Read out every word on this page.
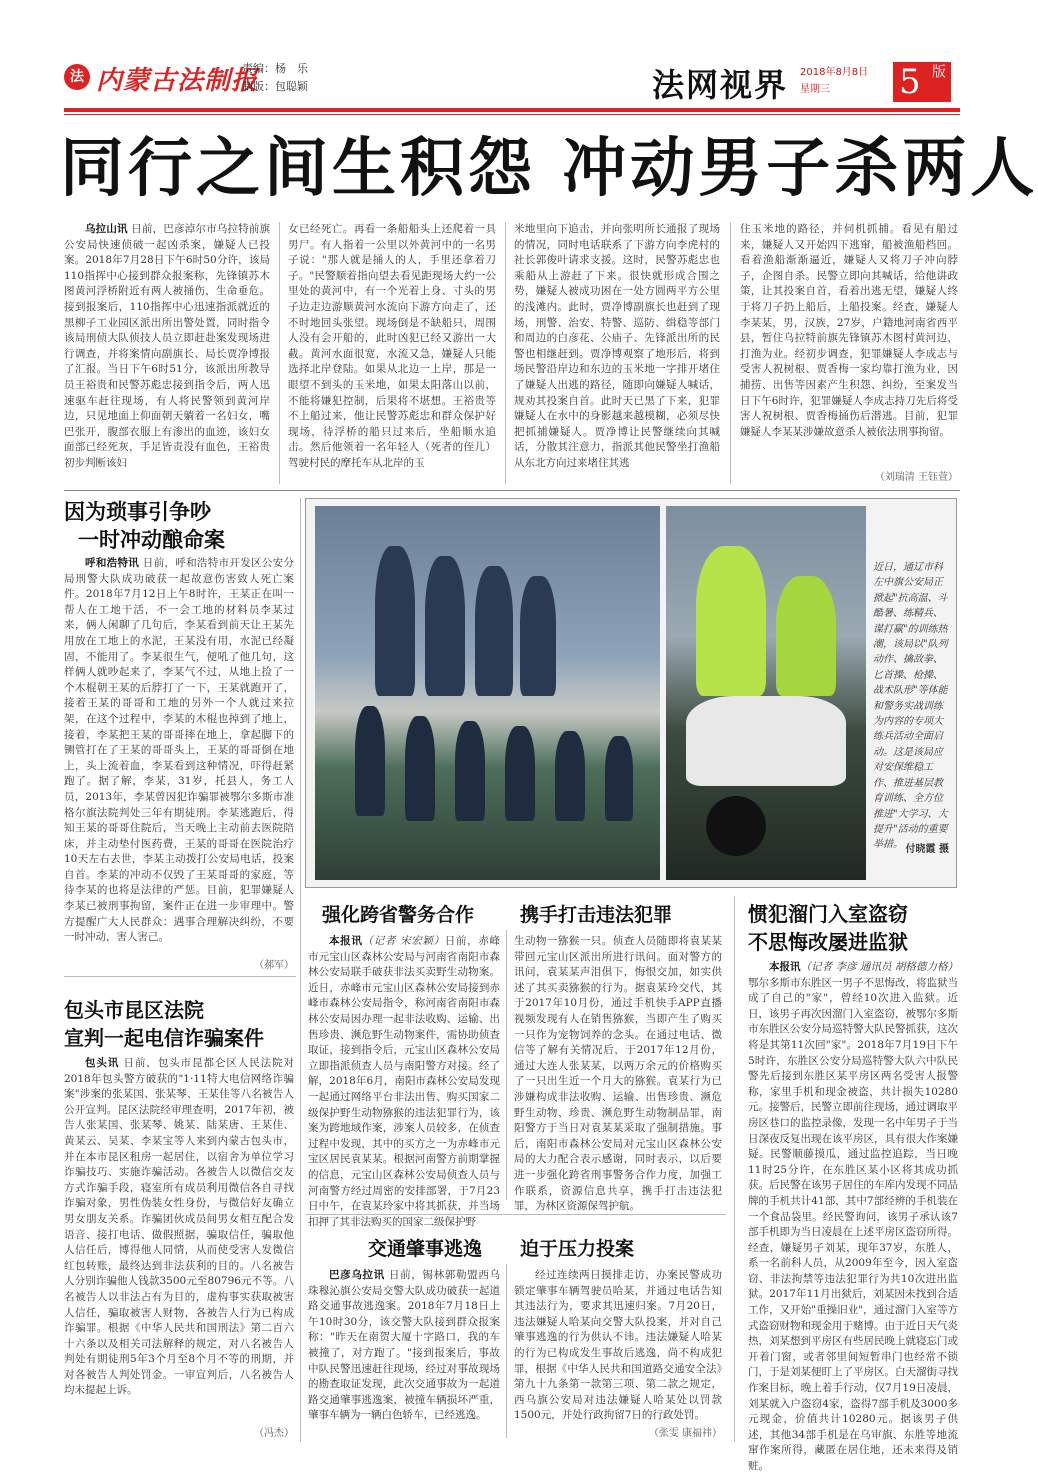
法 内蒙古法制报
责编：杨　乐
制版：包聪颖	法网视界 2018年8月8日
星期三	5 版
同行之间生积怨 冲动男子杀两人

乌拉山讯 日前，巴彦淖尔市乌拉特前旗公安局快速侦破一起凶杀案，嫌疑人已投案。2018年7月28日下午6时50分许，该局110指挥中心接到群众报案称，先锋镇苏木图黄河浮桥附近有两人被捅伤，生命垂危。接到报案后，110指挥中心迅速指派就近的黑柳子工业园区派出所出警处置，同时指令该局刑侦大队侦技人员立即赶赴案发现场进行调查，并将案情向副旗长、局长贾净博报了汇报。当日下午6时51分，该派出所教导员王裕贵和民警苏彪忠接到指令后，两人迅速驱车赶往现场，有人将民警领到黄河岸边，只见地面上仰面朝天躺着一名妇女，嘴巴张开，腹部衣服上有渗出的血迹，该妇女面部已经死灰，手足皆责没有血色，王裕贵初步判断该妇

女已经死亡。再看一条船船头上还爬着一具男尸。有人指着一公里以外黄河中的一名男子说："那人就是捅人的人，手里还拿着刀子。"民警顺着指向望去看见距现场大约一公里处的黄河中，有一个光着上身、寸头的男子边走边游顺黄河水流向下游方向走了，还不时地回头张望。现场倒是不缺船只，周围人没有会开船的，此时凶犯已经又游出一大截。黄河水面很宽，水流又急，嫌疑人只能选择北岸登陆。如果从北边一上岸，那是一眼望不到头的玉米地，如果太阳落山以前，不能将嫌犯控制，后果将不堪想。王裕贵等不上船过来，他让民警苏彪忠和群众保护好现场，待浮桥的船只过来后，坐船顺水追击。然后他领着一名年轻人（死者的侄儿）驾驶村民的摩托车从北岸的玉

米地里向下追击，并向张明所长通报了现场的情况，同时电话联系了下游方向李虎村的社长郭俊叶请求支援。这时，民警苏彪忠也乘船从上游赶了下来。很快就形成合围之势，嫌疑人被成功困在一处方圆两平方公里的浅滩内。此时，贾净博副旗长也赶到了现场，刑警、治安、特警、巡防、缉稳等部门和周边的白彦花、公庙子、先锋派出所的民警也相继赶到。贾净博观察了地形后，将到场民警沿岸边和东边的玉米地一字排开堵住了嫌疑人出逃的路径，随即向嫌疑人喊话，规劝其投案自首。此时天已黑了下来，犯罪嫌疑人在水中的身影越来越模糊，必须尽快把抓捕嫌疑人。贾净博让民警继续向其喊话，分散其注意力，指派其他民警坐打渔船从东北方向过来堵住其逃

住玉米地的路径，并伺机抓捕。看见有船过来，嫌疑人又开始四下逃窜，船被渔船档回。看着渔船渐渐逼近，嫌疑人又将刀子冲向脖子，企图自杀。民警立即向其喊话，给他讲政策，让其投案自首，看着出逃无望，嫌疑人终于将刀子扔上船后，上船投案。经查，嫌疑人李某某，男，汉族，27岁，户籍地河南省西平县，暂住乌拉特前旗先锋镇苏木图村黄河边，打渔为业。经初步调查，犯罪嫌疑人李成志与受害人祝树根、贾香梅一家均靠打渔为业，因捕捞、出售等因素产生积怨、纠纷，至案发当日下午6时许，犯罪嫌疑人李成志持刀先后将受害人祝树根、贾香梅捅伤后潜逃。目前，犯罪嫌疑人李某某涉嫌故意杀人被依法刑事拘留。

（刘瑞清 王钰萱）
因为琐事引争吵
一时冲动酿命案

呼和浩特讯 日前，呼和浩特市开发区公安分局刑警大队成功破获一起故意伤害致人死亡案件。2018年7月12日上午8时许，王某正在叫一帮人在工地干活，不一会工地的材料员李某过来，俩人闲聊了几句后，李某看到前天让王某先用放在工地上的水泥，王某没有用，水泥已经凝固，不能用了。李某很生气，便吼了他几句，这样俩人就吵起来了，李某气不过，从地上捡了一个木棍朝王某的后脖打了一下，王某就跑开了，接着王某的哥哥和工地的另外一个人就过来拉架，在这个过程中，李某的木棍也掉到了地上，接着，李某把王某的哥哥摔在地上，拿起脚下的铡管打在了王某的哥哥头上，王某的哥哥倒在地上，头上流着血，李某看到这种情况，吓得赶紧跑了。据了解，李某，31岁，托县人，务工人员，2013年，李某曾因犯诈骗罪被鄂尔多斯市准格尔旗法院判处三年有期徒刑。李某逃跑后，得知王某的哥哥住院后，当天晚上主动前去医院陪床，并主动垫付医药费，王某的哥哥在医院治疗10天左右去世，李某主动拨打公安局电话，投案自首。李某的冲动不仅毁了王某哥哥的家庭，等待李某的也将是法律的严惩。目前，犯罪嫌疑人李某已被刑事拘留，案件正在进一步审理中。警方提醒广大人民群众：遇事合理解决纠纷，不要一时冲动，害人害己。

（郝军）
包头市昆区法院
宣判一起电信诈骗案件

包头讯 日前，包头市昆都仑区人民法院对2018年包头警方破获的"1·11特大电信网络诈骗案"涉案的张某国、张某琴、王某佳等八名被告人公开宣判。昆区法院经审理查明，2017年初，被告人张某国、张某琴、姚某、陆某唐、王某佳、黄某云、吴某、李某宝等人来到内蒙古包头市，并在本市昆区租房一起居住，以宿舍为单位学习诈骗技巧、实施诈骗活动。各被告人以微信交友方式诈骗手段，寝室所有成员利用微信各自寻找诈骗对象，男性伪装女性身份，与微信好友确立男女朋友关系。诈骗团伙成员间男女相互配合发语音、接打电话、做假照据，骗取信任，骗取他人信任后，博得他人同情，从而使受害人发微信红包转账，最终达到非法获利的目的。八名被告人分别诈骗他人钱款3500元至80796元不等。八名被告人以非法占有为目的，虚构事实获取被害人信任，骗取被害人财物，各被告人行为已构成诈骗罪。根据《中华人民共和国刑法》第二百六十六条以及相关司法解释的规定，对八名被告人判处有期徒刑5年3个月至8个月不等的刑期，并对各被告人判处罚金。一审宣判后，八名被告人均未提起上诉。

（冯杰）
近日，通辽市科左中旗公安局正掀起"抗高温、斗酷暑、练精兵、谋打赢"的训练热潮，该局以"队列动作、擒敌拳、匕首操、枪操、战术队形"等体能和警务实战训练为内容的专项大练兵活动全面启动。这是该局应对安保维稳工作、推进基层教育训练、全方位推进"大学习、大提升"活动的重要举措。 付晓霞 摄
强化跨省警务合作 携手打击违法犯罪

本报讯（记者 宋宏颖）日前，赤峰市元宝山区森林公安局与河南省南阳市森林公安局联手破获非法买卖野生动物案。近日，赤峰市元宝山区森林公安局接到赤峰市森林公安局指令，称河南省南阳市森林公安局因办理一起非法收购、运输、出售珍贵、濒危野生动物案件，需协助侦查取证，接到指令后，元宝山区森林公安局立即指派侦查人员与南阳警方对接。经了解，2018年6月，南阳市森林公安局发现一起通过网络平台非法出售、购买国家二级保护野生动物猕猴的违法犯罪行为，该案为跨地域作案，涉案人员较多，在侦查过程中发现，其中的买方之一为赤峰市元宝区居民袁某某。根据河南警方前期掌握的信息，元宝山区森林公安局侦查人员与河南警方经过周密的安排部署，于7月23日中午，在袁某玲家中将其抓获，并当场扣押了其非法购买的国家二级保护野

生动物一猕猴一只。侦查人员随即将袁某某带回元宝山区派出所进行讯问。面对警方的讯问，袁某某声泪俱下，悔恨交加，如实供述了其买卖猕猴的行为。据袁某玲交代，其于2017年10月份，通过手机快手APP直播视频发现有人在销售猕猴，当即产生了购买一只作为宠物饲养的念头。在通过电话、微信等了解有关情况后，于2017年12月份，通过大连人张某某，以两万余元的价格购买了一只出生近一个月大的猕猴。袁某行为已涉嫌构成非法收购、运输、出售珍贵、濒危野生动物、珍贵、濒危野生动物制品罪，南阳警方于当日对袁某某采取了强制措施。事后，南阳市森林公安局对元宝山区森林公安局的大力配合表示感谢，同时表示，以后要进一步强化跨省刑事警务合作力度，加强工作联系，资源信息共享，携手打击违法犯罪，为林区资源保驾护航。

交通肇事逃逸 迫于压力投案

巴彦乌拉讯 日前，锡林郭勒盟西乌珠穆沁旗公安局交警大队成功破获一起道路交通事故逃逸案。2018年7月18日上午10时30分，该交警大队接到群众报案称："昨天在南贺大厦十字路口，我的车被撞了，对方跑了。"接到报案后，事故中队民警迅速赶往现场，经过对事故现场的勘查取证发现，此次交通事故为一起道路交通肇事逃逸案，被撞车辆损坏严重，肇事车辆为一辆白色轿车，已经逃逸。

经过连续两日摸排走访，办案民警成功锁定肇事车辆驾驶员哈某，并通过电话告知其违法行为，要求其迅速归案。7月20日，违法嫌疑人哈某向交警大队投案，并对自己肇事逃逸的行为供认不讳。违法嫌疑人哈某的行为已构成发生事故后逃逸，尚不构成犯罪，根据《中华人民共和国道路交通安全法》第九十九条第一款第三项、第二款之规定，西乌旗公安局对违法嫌疑人哈某处以罚款1500元，并处行政拘留7日的行政处罚。

（张雯 康福祎）
惯犯溜门入室盗窃
不思悔改屡进监狱

本报讯（记者 李彦 通讯员 胡格德力格）鄂尔多斯市东胜区一男子不思悔改，将监狱当成了自己的"家"，曾经10次进入监狱。近日，该男子再次因溜门入室盗窃，被鄂尔多斯市东胜区公安分局巡特警大队民警抓获，这次将是其第11次回"家"。2018年7月19日下午5时许，东胜区公安分局巡特警大队六中队民警先后接到东胜区某平房区两名受害人报警称，家里手机和现金被盗，共计损失10280元。接警后，民警立即前往现场，通过调取平房区巷口的监控录像，发现一名中年男子于当日深夜反复出现在该平房区，具有很大作案嫌疑。民警顺藤摸瓜，通过监控追踪，当日晚11时25分许，在东胜区某小区将其成功抓获。后民警在该男子居住的车库内发现不同品牌的手机共计41部，其中7部经辨的手机装在一个食品袋里。经民警询问，该男子承认该7部手机即为当日凌晨在上述平房区盗窃所得。经查，嫌疑男子刘某，现年37岁，东胜人，系一名前科人员，从2009年至今，因入室盗窃、非法拘禁等违法犯罪行为共10次进出监狱。2017年11月出狱后，刘某因未找到合适工作，又开始"重操旧业"，通过溜门入室等方式盗窃财物和现金用于赌博。由于近日天气炎热，刘某想到平房区有些居民晚上就寝忘门或开着门窗，或者邻里间短暂串门也经常不锁门，于是刘某便盯上了平房区。白天溜街寻找作案目标，晚上着手行动，仅7月19日凌晨，刘某就入户盗窃4家，盗得7部手机及3000多元现金，价值共计10280元。据该男子供述，其他34部手机是在乌审旗、东胜等地流窜作案所得，藏匿在居住地，还未来得及销赃。
